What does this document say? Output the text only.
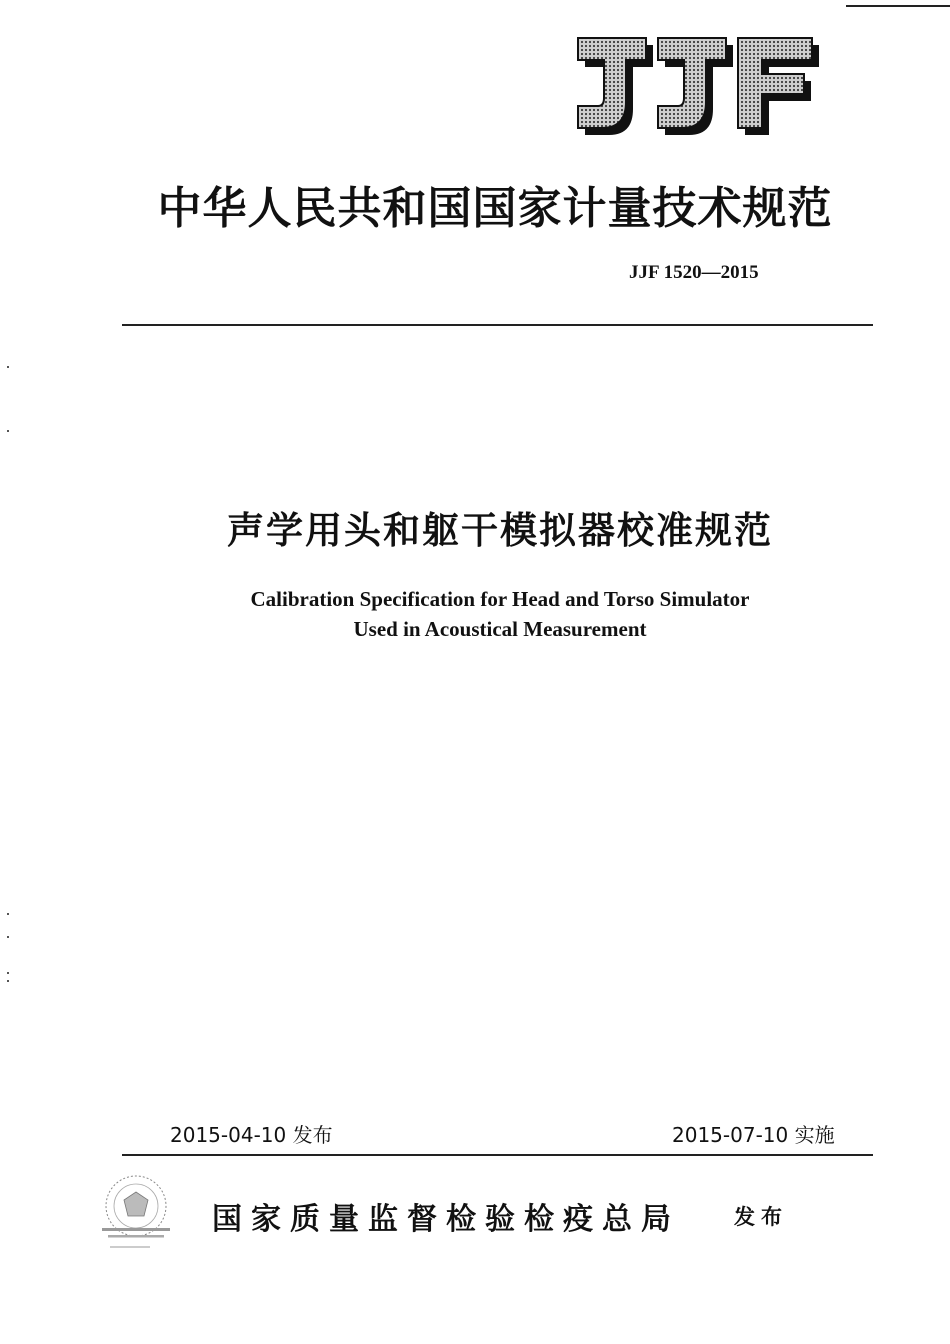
中华人民共和国国家计量技术规范
JJF 1520—2015
声学用头和躯干模拟器校准规范
Calibration Specification for Head and Torso Simulator
Used in Acoustical Measurement
2015-04-10 发布	2015-07-10 实施
国家质量监督检验检疫总局	发布
